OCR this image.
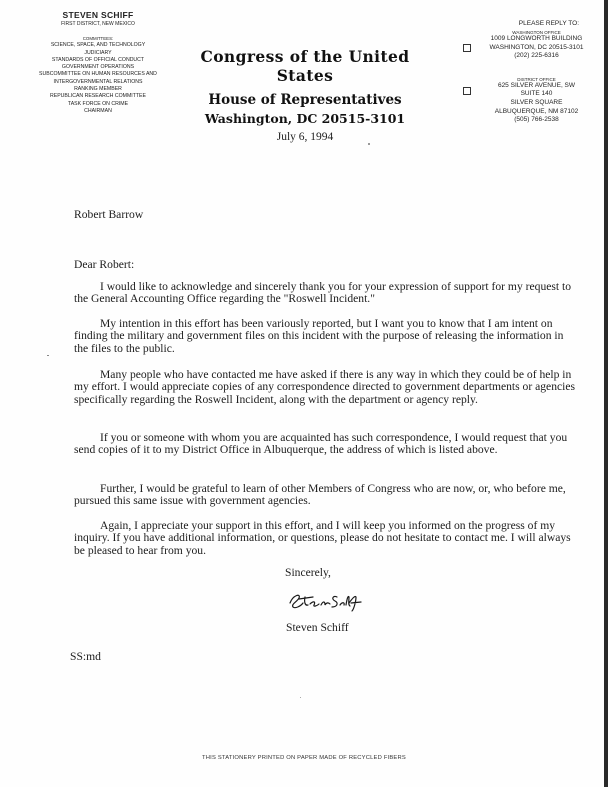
STEVEN SCHIFF

FIRST DISTRICT, NEW MEXICO

COMMITTEES:
SCIENCE, SPACE, AND TECHNOLOGY
JUDICIARY
STANDARDS OF OFFICIAL CONDUCT
GOVERNMENT OPERATIONS
SUBCOMMITTEE ON HUMAN RESOURCES AND
INTERGOVERNMENTAL RELATIONS
RANKING MEMBER
REPUBLICAN RESEARCH COMMITTEE
TASK FORCE ON CRIME
CHAIRMAN

Congress of the United States

House of Representatives

Washington, DC 20515-3101

July 6, 1994
PLEASE REPLY TO:
WASHINGTON OFFICE
1009 LONGWORTH BUILDING
WASHINGTON, DC 20515-3101
(202) 225-6316
DISTRICT OFFICE
625 SILVER AVENUE, SW
SUITE 140
SILVER SQUARE
ALBUQUERQUE, NM 87102
(505) 766-2538

Robert Barrow

Dear Robert:

I would like to acknowledge and sincerely thank you for your expression of support for my request to the General Accounting Office regarding the "Roswell Incident."

My intention in this effort has been variously reported, but I want you to know that I am intent on finding the military and government files on this incident with the purpose of releasing the information in the files to the public.

Many people who have contacted me have asked if there is any way in which they could be of help in my effort. I would appreciate copies of any correspondence directed to government departments or agencies specifically regarding the Roswell Incident, along with the department or agency reply.

If you or someone with whom you are acquainted has such correspondence, I would request that you send copies of it to my District Office in Albuquerque, the address of which is listed above.

Further, I would be grateful to learn of other Members of Congress who are now, or, who before me, pursued this same issue with government agencies.

Again, I appreciate your support in this effort, and I will keep you informed on the progress of my inquiry. If you have additional information, or questions, please do not hesitate to contact me. I will always be pleased to hear from you.

Sincerely,

Steven Schiff

SS:md

THIS STATIONERY PRINTED ON PAPER MADE OF RECYCLED FIBERS
